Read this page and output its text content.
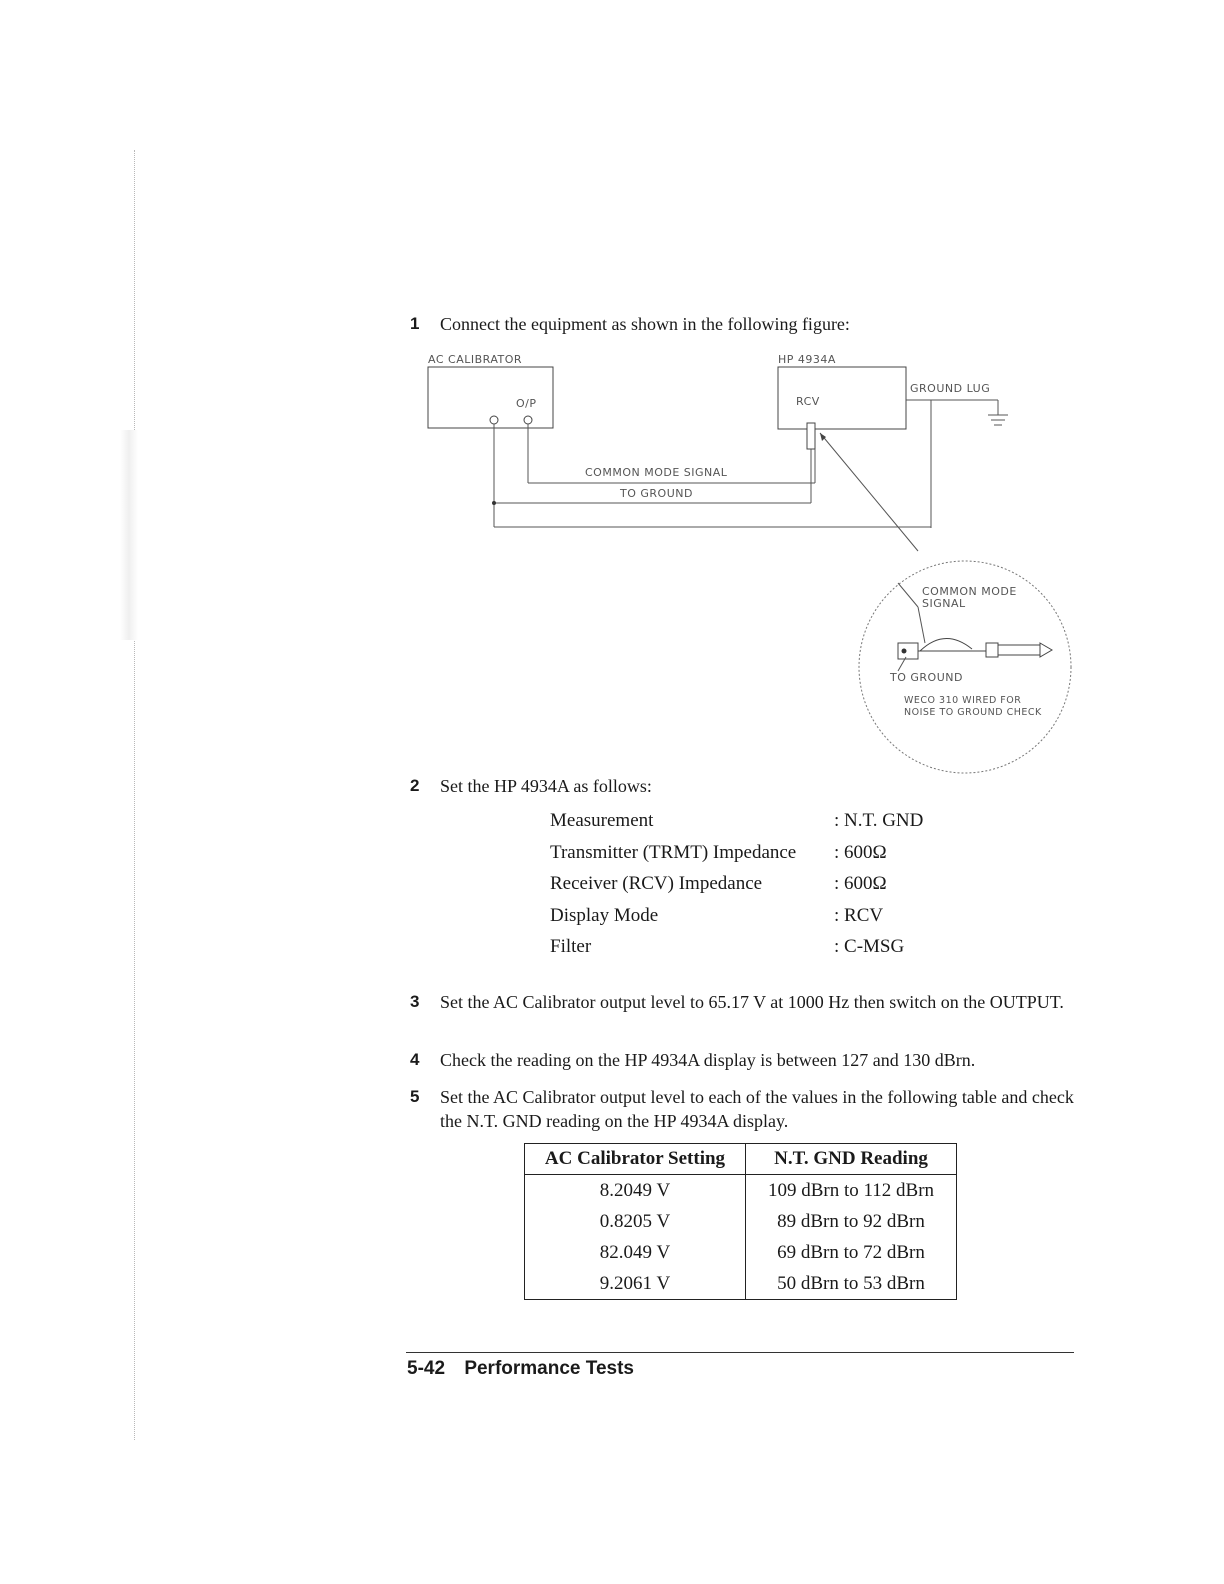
1 Connect the equipment as shown in the following figure:
AC CALIBRATOR
O/P
HP 4934A
RCV
GROUND LUG
COMMON MODE SIGNAL
TO GROUND
COMMON MODE
SIGNAL
TO GROUND
WECO 310 WIRED FOR
NOISE TO GROUND CHECK
2 Set the HP 4934A as follows:
Measurement	: N.T. GND
Transmitter (TRMT) Impedance : 600Ω
Receiver (RCV) Impedance	: 600Ω
Display Mode	: RCV
Filter	: C-MSG
3 Set the AC Calibrator output level to 65.17 V at 1000 Hz then switch on the OUTPUT.
4 Check the reading on the HP 4934A display is between 127 and 130 dBrn.
5 Set the AC Calibrator output level to each of the values in the following table and check the N.T. GND reading on the HP 4934A display.
AC Calibrator Setting	N.T. GND Reading
8.2049 V	109 dBrn to 112 dBrn
0.8205 V	89 dBrn to 92 dBrn
82.049 V	69 dBrn to 72 dBrn
9.2061 V	50 dBrn to 53 dBrn
5-42 Performance Tests
